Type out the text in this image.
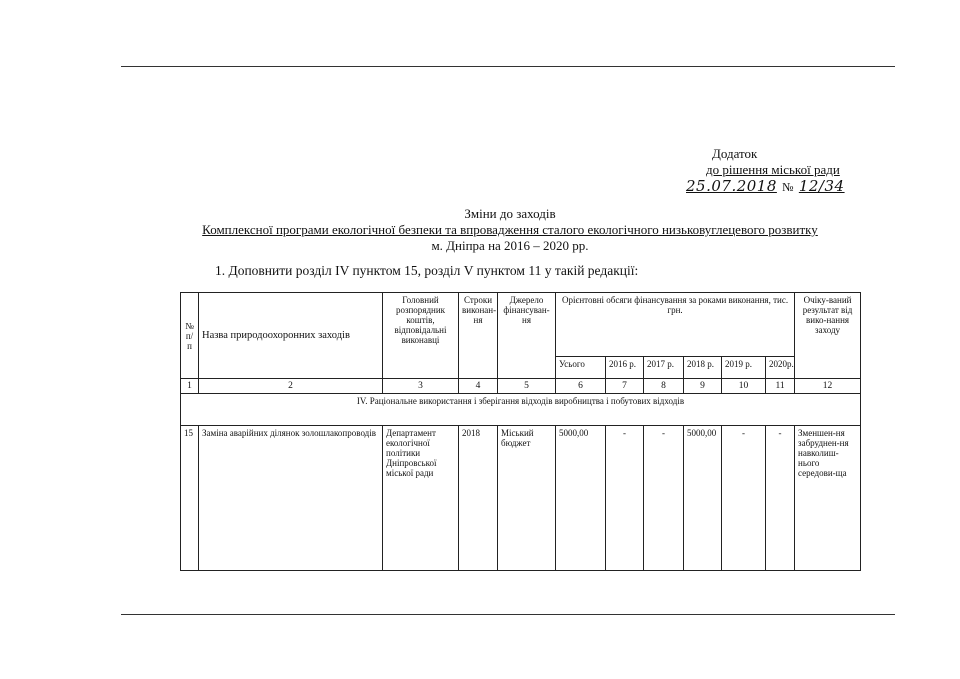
Додаток
до рішення міської ради
25.07.2018 № 12/34
Зміни до заходів
Комплексної програми екологічної безпеки та впровадження сталого екологічного низьковуглецевого розвитку
м. Дніпра на 2016 – 2020 рр.
1. Доповнити розділ IV пунктом 15, розділ V пунктом 11 у такій редакції:
№ п/п	Назва природоохоронних заходів	Головний розпорядник коштів, відповідальні виконавці	Строки виконан-ня	Джерело фінансуван-ня	Орієнтовні обсяги фінансування за роками виконання, тис. грн.						Очіку-ваний результат від вико-нання заходу
					Усього	2016 р.	2017 р.	2018 р.	2019 р.	2020р.	
1	2	3	4	5	6	7	8	9	10	11	12
IV. Раціональне використання і зберігання відходів виробництва і побутових відходів											
15	Заміна аварійних ділянок золошлакопроводів	Департамент екологічної політики Дніпровської міської ради	2018	Міський бюджет	5000,00	-	-	5000,00	-	-	Зменшен-ня забруднен-ня навколиш-нього середови-ща
